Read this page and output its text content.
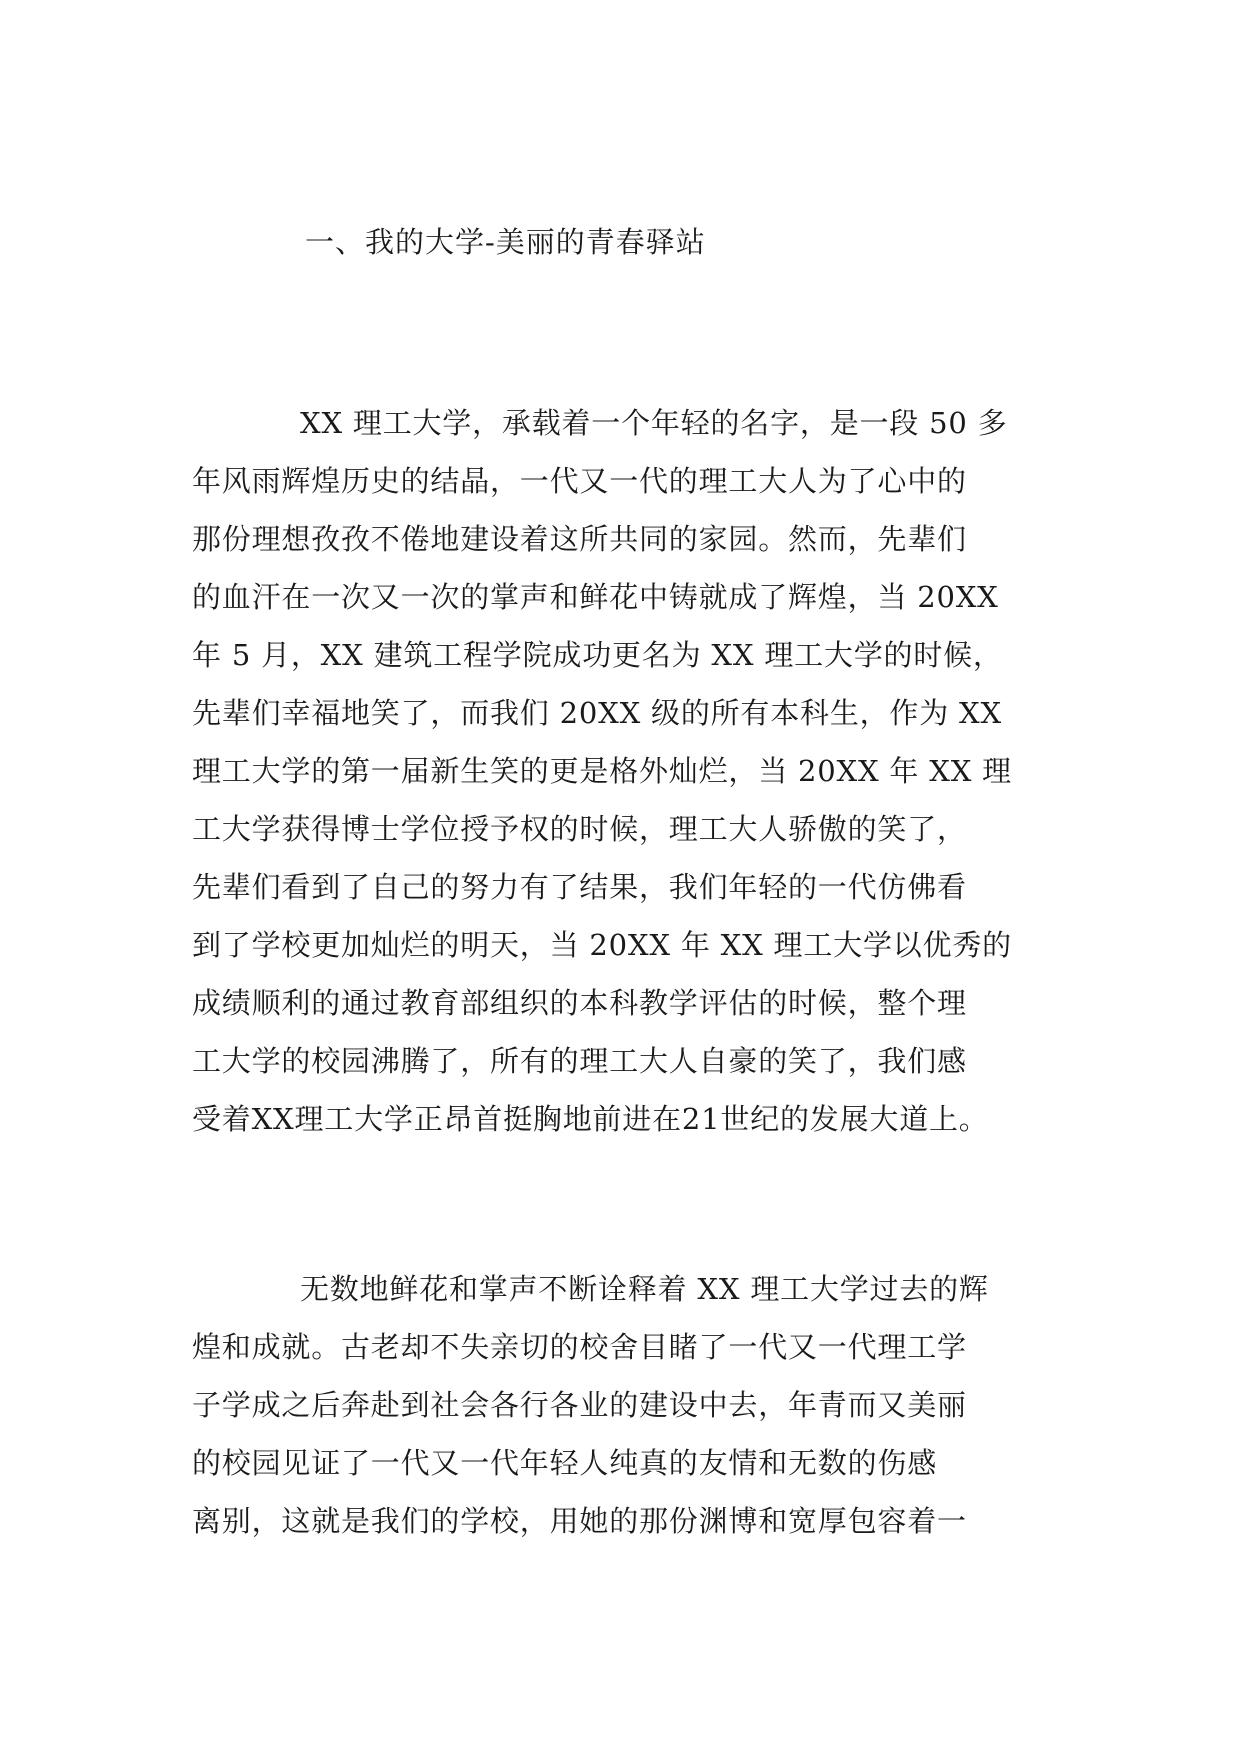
一、我的大学-美丽的青春驿站
XX 理工大学，承载着一个年轻的名字，是一段 50 多
年风雨辉煌历史的结晶，一代又一代的理工大人为了心中的
那份理想孜孜不倦地建设着这所共同的家园。然而，先辈们
的血汗在一次又一次的掌声和鲜花中铸就成了辉煌，当 20XX
年 5 月，XX 建筑工程学院成功更名为 XX 理工大学的时候，
先辈们幸福地笑了，而我们 20XX 级的所有本科生，作为 XX
理工大学的第一届新生笑的更是格外灿烂，当 20XX 年 XX 理
工大学获得博士学位授予权的时候，理工大人骄傲的笑了，
先辈们看到了自己的努力有了结果，我们年轻的一代仿佛看
到了学校更加灿烂的明天，当 20XX 年 XX 理工大学以优秀的
成绩顺利的通过教育部组织的本科教学评估的时候，整个理
工大学的校园沸腾了，所有的理工大人自豪的笑了，我们感
受着XX理工大学正昂首挺胸地前进在21世纪的发展大道上。
无数地鲜花和掌声不断诠释着 XX 理工大学过去的辉
煌和成就。古老却不失亲切的校舍目睹了一代又一代理工学
子学成之后奔赴到社会各行各业的建设中去，年青而又美丽
的校园见证了一代又一代年轻人纯真的友情和无数的伤感
离别，这就是我们的学校，用她的那份渊博和宽厚包容着一
